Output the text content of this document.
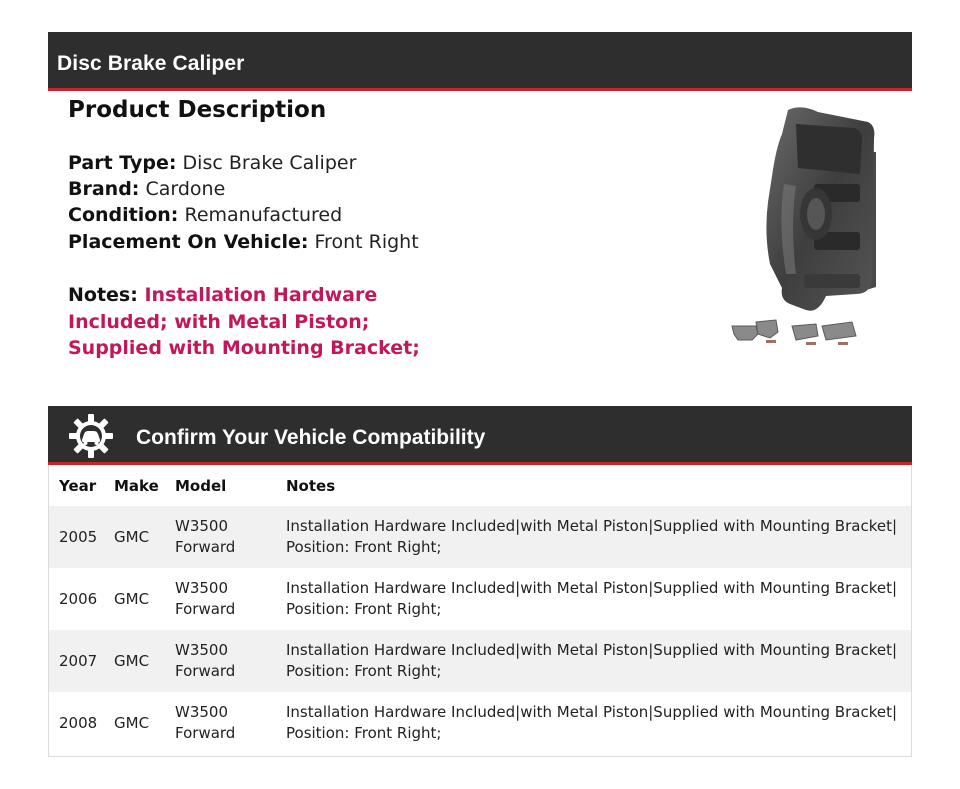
Disc Brake Caliper
Product Description
Part Type: Disc Brake Caliper
Brand: Cardone
Condition: Remanufactured
Placement On Vehicle: Front Right
Notes: Installation Hardware Included; with Metal Piston; Supplied with Mounting Bracket;
Confirm Your Vehicle Compatibility
Year	Make	Model	Notes
2005	GMC	W3500 Forward	Installation Hardware Included|with Metal Piston|Supplied with Mounting Bracket| Position: Front Right;
2006	GMC	W3500 Forward	Installation Hardware Included|with Metal Piston|Supplied with Mounting Bracket| Position: Front Right;
2007	GMC	W3500 Forward	Installation Hardware Included|with Metal Piston|Supplied with Mounting Bracket| Position: Front Right;
2008	GMC	W3500 Forward	Installation Hardware Included|with Metal Piston|Supplied with Mounting Bracket| Position: Front Right;
